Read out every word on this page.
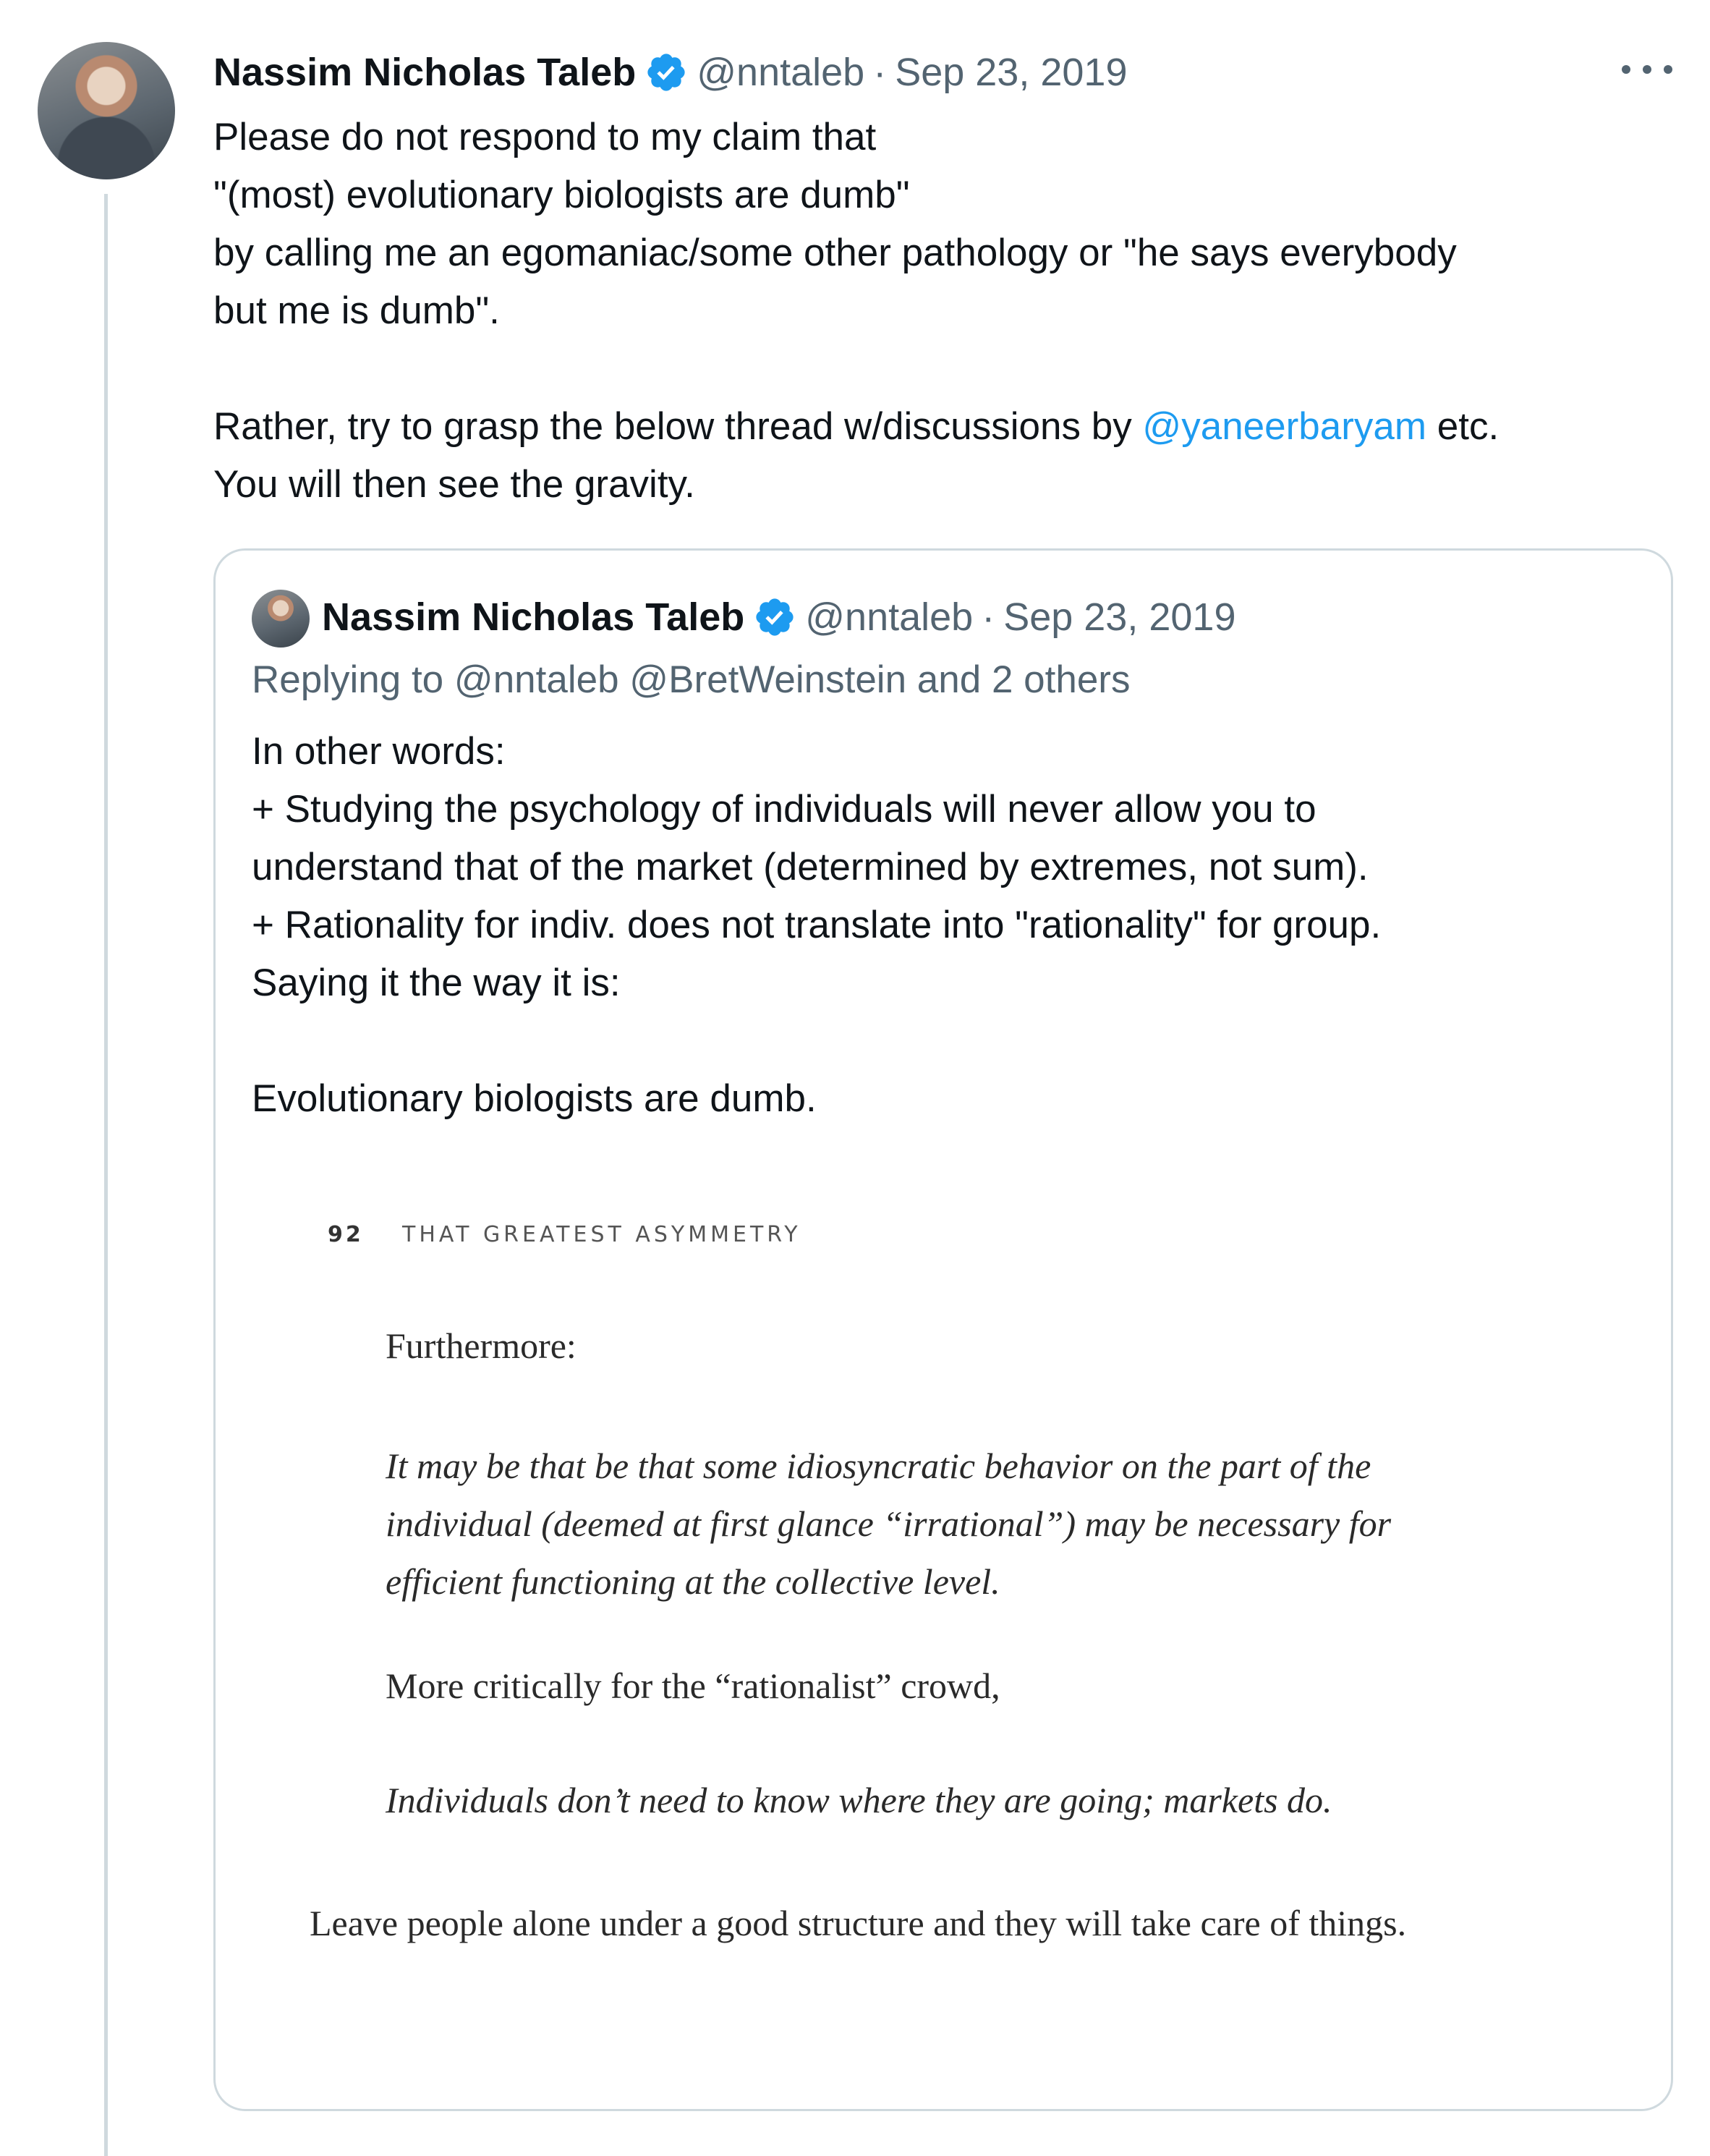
Nassim Nicholas Taleb @nntaleb · Sep 23, 2019

Please do not respond to my claim that

"(most) evolutionary biologists are dumb"

by calling me an egomaniac/some other pathology or "he says everybody

but me is dumb".

Rather, try to grasp the below thread w/discussions by @yaneerbaryam etc.

You will then see the gravity.

Nassim Nicholas Taleb @nntaleb · Sep 23, 2019
Replying to @nntaleb @BretWeinstein and 2 others

In other words:

+ Studying the psychology of individuals will never allow you to

understand that of the market (determined by extremes, not sum).

+ Rationality for indiv. does not translate into "rationality" for group.

Saying it the way it is:

Evolutionary biologists are dumb.

92 THAT GREATEST ASYMMETRY
Furthermore:
It may be that be that some idiosyncratic behavior on the part of the individual (deemed at first glance “irrational”) may be necessary for efficient functioning at the collective level.
More critically for the “rationalist” crowd,
Individuals don’t need to know where they are going; markets do.
Leave people alone under a good structure and they will take care of things.
